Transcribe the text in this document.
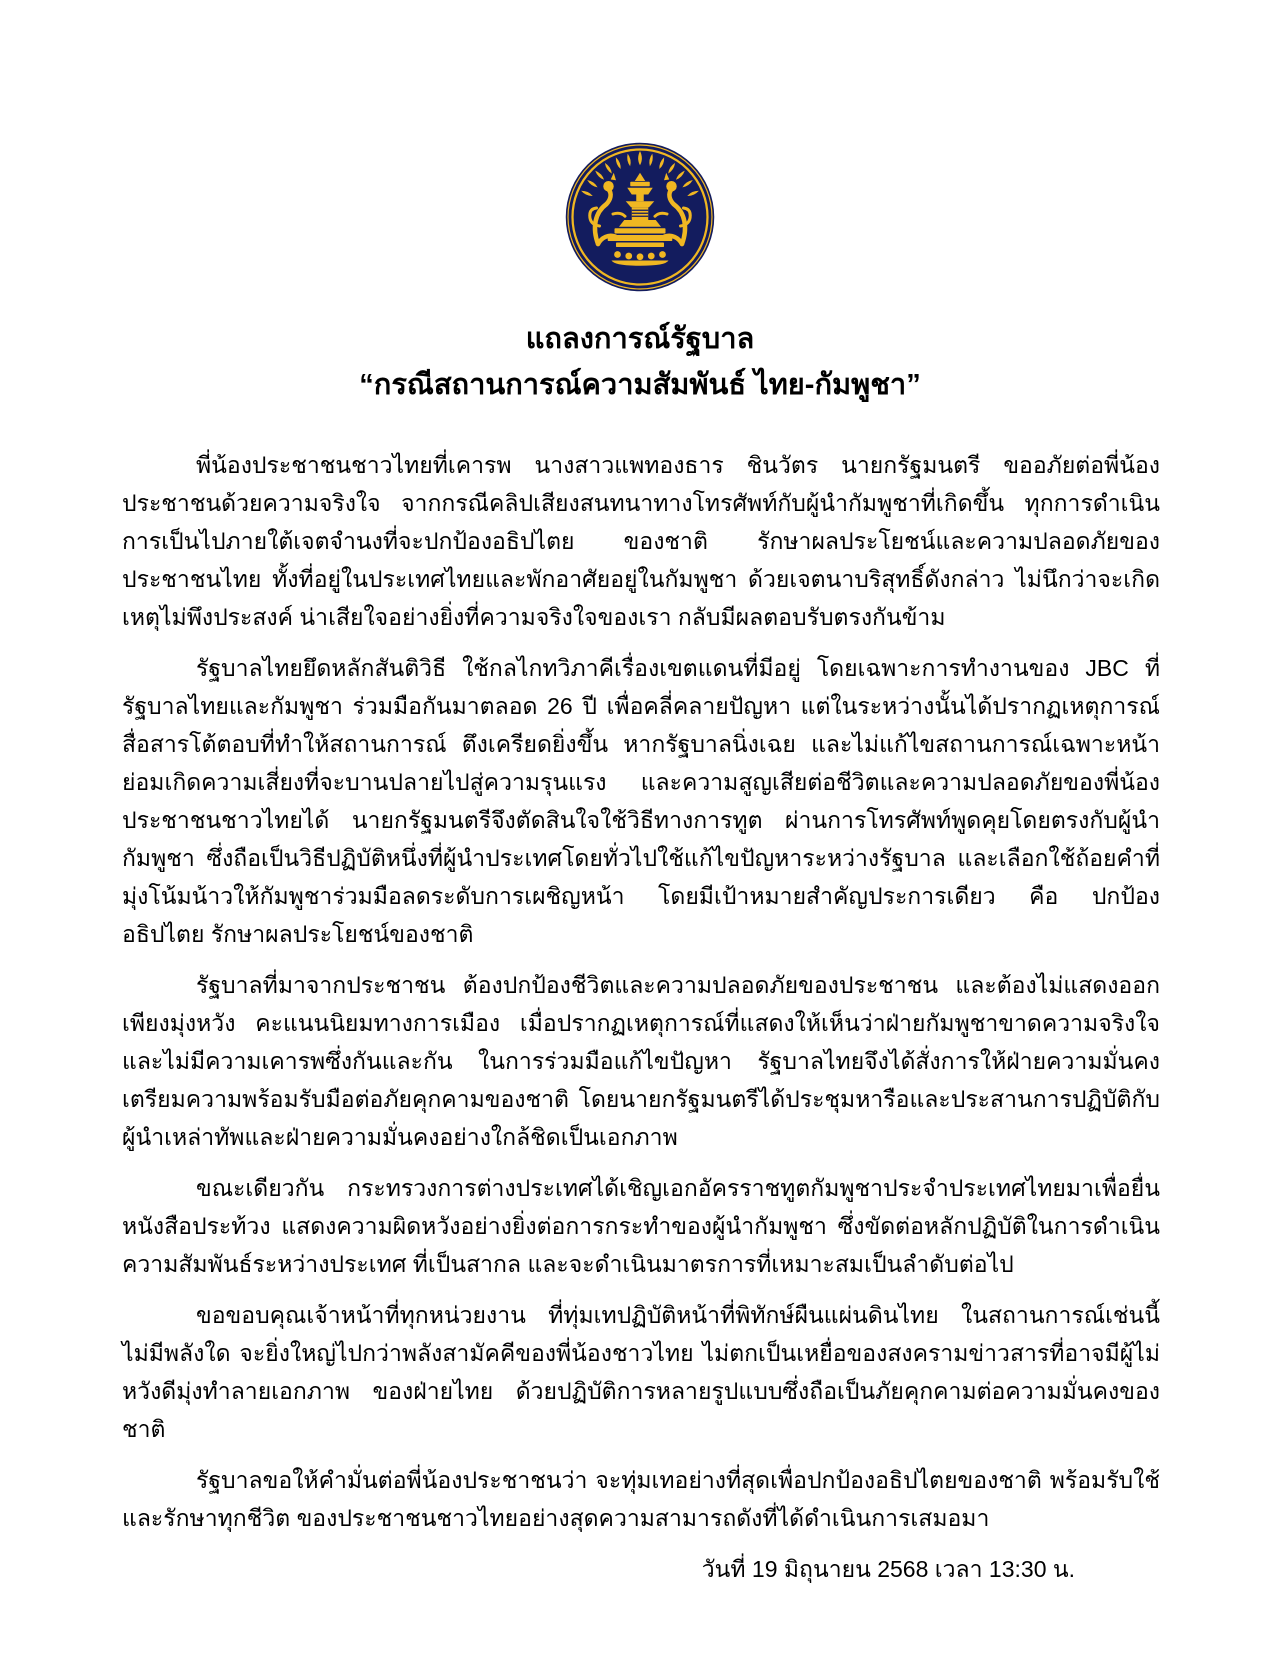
แถลงการณ์รัฐบาล
“กรณีสถานการณ์ความสัมพันธ์ ไทย-กัมพูชา”

พี่น้องประชาชนชาวไทยที่เคารพ นางสาวแพทองธาร ชินวัตร นายกรัฐมนตรี ขออภัยต่อพี่น้องประชาชนด้วยความจริงใจ จากกรณีคลิปเสียงสนทนาทางโทรศัพท์กับผู้นำกัมพูชาที่เกิดขึ้น ทุกการดำเนินการเป็นไปภายใต้เจตจำนงที่จะปกป้องอธิปไตย ของชาติ รักษาผลประโยชน์และความปลอดภัยของประชาชนไทย ทั้งที่อยู่ในประเทศไทยและพักอาศัยอยู่ในกัมพูชา ด้วยเจตนาบริสุทธิ์ดังกล่าว ไม่นึกว่าจะเกิดเหตุไม่พึงประสงค์ น่าเสียใจอย่างยิ่งที่ความจริงใจของเรา กลับมีผลตอบรับตรงกันข้าม

รัฐบาลไทยยึดหลักสันติวิธี ใช้กลไกทวิภาคีเรื่องเขตแดนที่มีอยู่ โดยเฉพาะการทำงานของ JBC ที่รัฐบาลไทยและกัมพูชา ร่วมมือกันมาตลอด 26 ปี เพื่อคลี่คลายปัญหา แต่ในระหว่างนั้นได้ปรากฏเหตุการณ์สื่อสารโต้ตอบที่ทำให้สถานการณ์ ตึงเครียดยิ่งขึ้น หากรัฐบาลนิ่งเฉย และไม่แก้ไขสถานการณ์เฉพาะหน้า ย่อมเกิดความเสี่ยงที่จะบานปลายไปสู่ความรุนแรง และความสูญเสียต่อชีวิตและความปลอดภัยของพี่น้องประชาชนชาวไทยได้ นายกรัฐมนตรีจึงตัดสินใจใช้วิธีทางการทูต ผ่านการโทรศัพท์พูดคุยโดยตรงกับผู้นำกัมพูชา ซึ่งถือเป็นวิธีปฏิบัติหนึ่งที่ผู้นำประเทศโดยทั่วไปใช้แก้ไขปัญหาระหว่างรัฐบาล และเลือกใช้ถ้อยคำที่มุ่งโน้มน้าวให้กัมพูชาร่วมมือลดระดับการเผชิญหน้า โดยมีเป้าหมายสำคัญประการเดียว คือ ปกป้องอธิปไตย รักษาผลประโยชน์ของชาติ

รัฐบาลที่มาจากประชาชน ต้องปกป้องชีวิตและความปลอดภัยของประชาชน และต้องไม่แสดงออกเพียงมุ่งหวัง คะแนนนิยมทางการเมือง เมื่อปรากฏเหตุการณ์ที่แสดงให้เห็นว่าฝ่ายกัมพูชาขาดความจริงใจ และไม่มีความเคารพซึ่งกันและกัน ในการร่วมมือแก้ไขปัญหา รัฐบาลไทยจึงได้สั่งการให้ฝ่ายความมั่นคงเตรียมความพร้อมรับมือต่อภัยคุกคามของชาติ โดยนายกรัฐมนตรีได้ประชุมหารือและประสานการปฏิบัติกับผู้นำเหล่าทัพและฝ่ายความมั่นคงอย่างใกล้ชิดเป็นเอกภาพ

ขณะเดียวกัน กระทรวงการต่างประเทศได้เชิญเอกอัครราชทูตกัมพูชาประจำประเทศไทยมาเพื่อยื่นหนังสือประท้วง แสดงความผิดหวังอย่างยิ่งต่อการกระทำของผู้นำกัมพูชา ซึ่งขัดต่อหลักปฏิบัติในการดำเนินความสัมพันธ์ระหว่างประเทศ ที่เป็นสากล และจะดำเนินมาตรการที่เหมาะสมเป็นลำดับต่อไป

ขอขอบคุณเจ้าหน้าที่ทุกหน่วยงาน ที่ทุ่มเทปฏิบัติหน้าที่พิทักษ์ผืนแผ่นดินไทย ในสถานการณ์เช่นนี้ ไม่มีพลังใด จะยิ่งใหญ่ไปกว่าพลังสามัคคีของพี่น้องชาวไทย ไม่ตกเป็นเหยื่อของสงครามข่าวสารที่อาจมีผู้ไม่หวังดีมุ่งทำลายเอกภาพ ของฝ่ายไทย ด้วยปฏิบัติการหลายรูปแบบซึ่งถือเป็นภัยคุกคามต่อความมั่นคงของชาติ

รัฐบาลขอให้คำมั่นต่อพี่น้องประชาชนว่า จะทุ่มเทอย่างที่สุดเพื่อปกป้องอธิปไตยของชาติ พร้อมรับใช้และรักษาทุกชีวิต ของประชาชนชาวไทยอย่างสุดความสามารถดังที่ได้ดำเนินการเสมอมา

วันที่ 19 มิถุนายน 2568 เวลา 13:30 น.
